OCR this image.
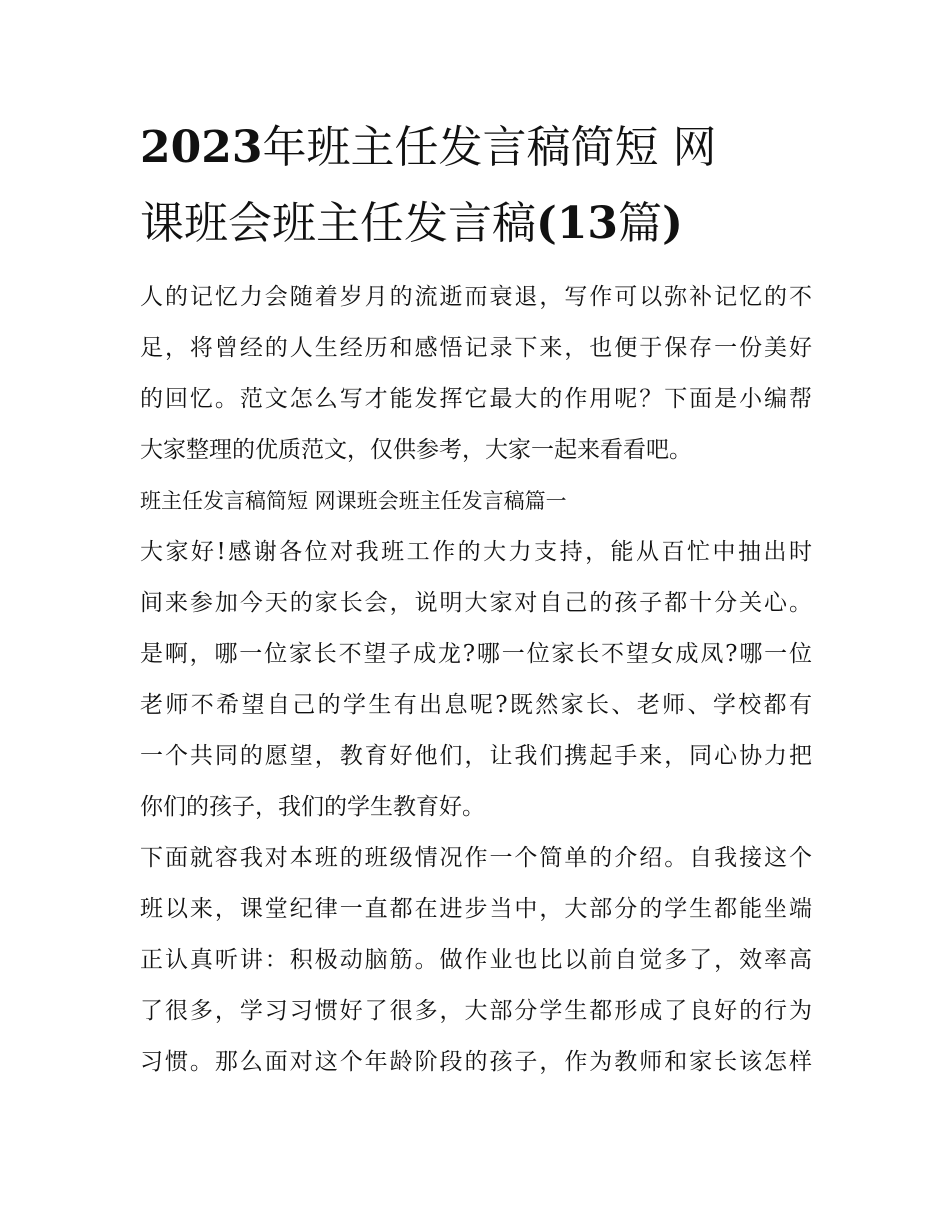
2023年班主任发言稿简短 网
课班会班主任发言稿(13篇)
人的记忆力会随着岁月的流逝而衰退，写作可以弥补记忆的不
足，将曾经的人生经历和感悟记录下来，也便于保存一份美好
的回忆。范文怎么写才能发挥它最大的作用呢？下面是小编帮
大家整理的优质范文，仅供参考，大家一起来看看吧。
班主任发言稿简短 网课班会班主任发言稿篇一
大家好!感谢各位对我班工作的大力支持，能从百忙中抽出时
间来参加今天的家长会，说明大家对自己的孩子都十分关心。
是啊，哪一位家长不望子成龙?哪一位家长不望女成凤?哪一位
老师不希望自己的学生有出息呢?既然家长、老师、学校都有
一个共同的愿望，教育好他们，让我们携起手来，同心协力把
你们的孩子，我们的学生教育好。
下面就容我对本班的班级情况作一个简单的介绍。自我接这个
班以来，课堂纪律一直都在进步当中，大部分的学生都能坐端
正认真听讲：积极动脑筋。做作业也比以前自觉多了，效率高
了很多，学习习惯好了很多，大部分学生都形成了良好的行为
习惯。那么面对这个年龄阶段的孩子，作为教师和家长该怎样
